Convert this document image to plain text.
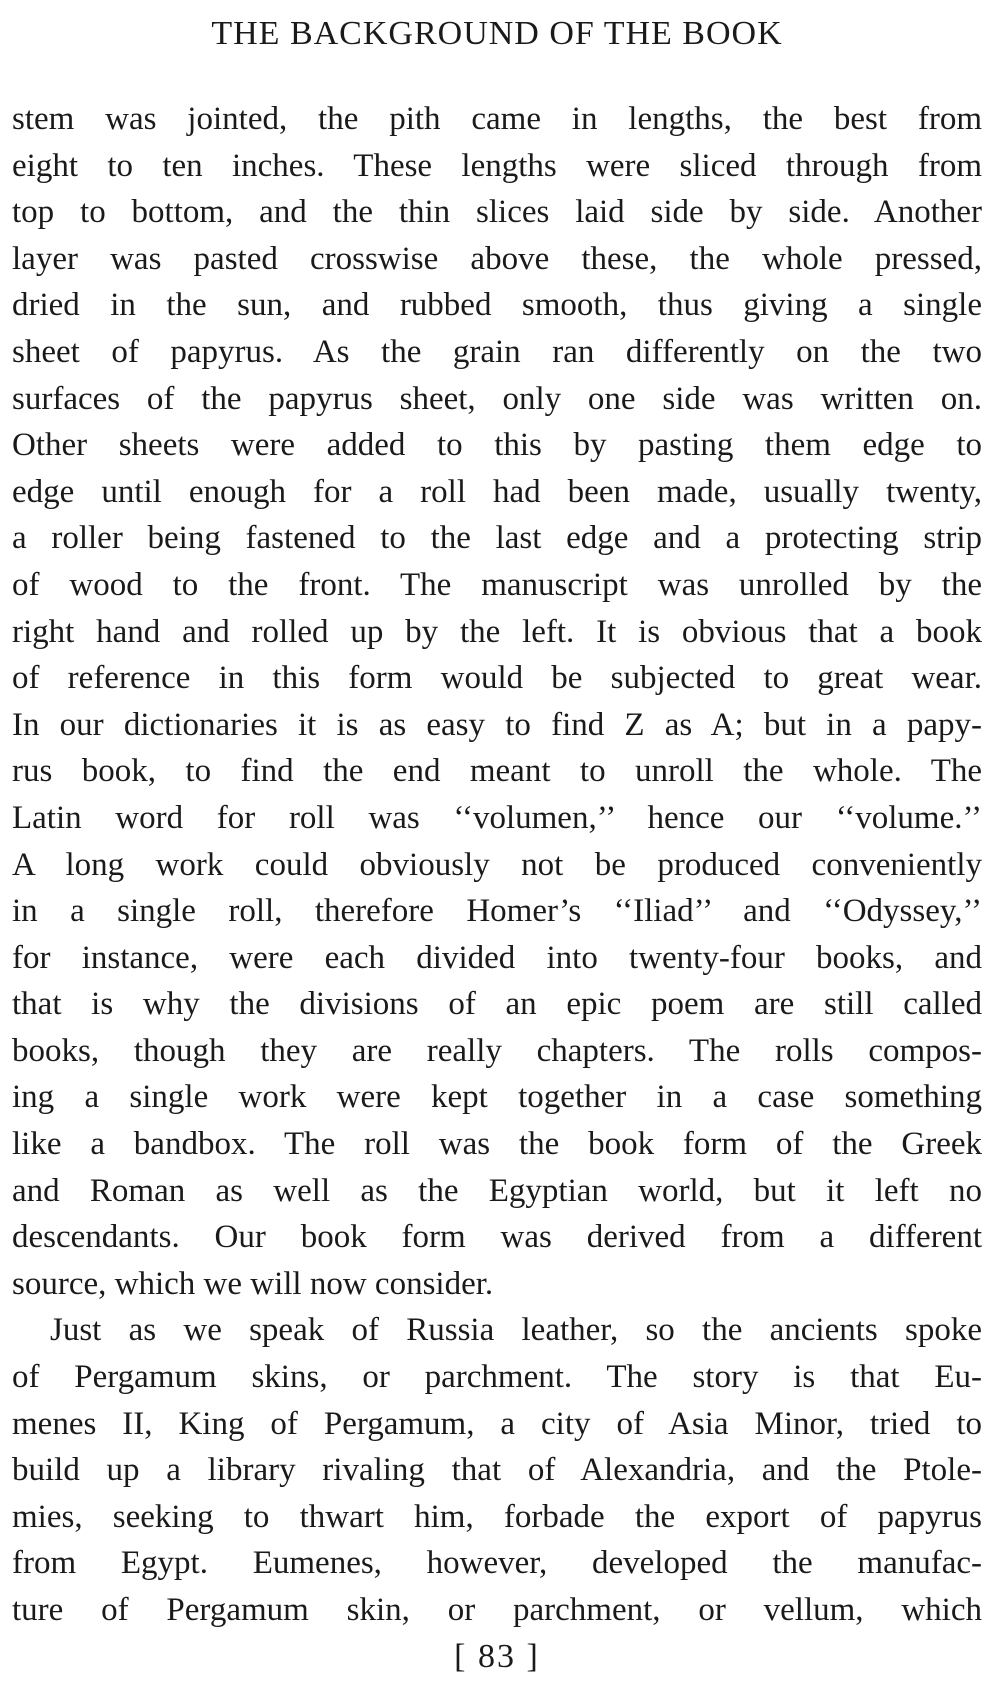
THE BACKGROUND OF THE BOOK

stem was jointed, the pith came in lengths, the best from
eight to ten inches. These lengths were sliced through from
top to bottom, and the thin slices laid side by side. Another
layer was pasted crosswise above these, the whole pressed,
dried in the sun, and rubbed smooth, thus giving a single
sheet of papyrus. As the grain ran differently on the two
surfaces of the papyrus sheet, only one side was written on.
Other sheets were added to this by pasting them edge to
edge until enough for a roll had been made, usually twenty,
a roller being fastened to the last edge and a protecting strip
of wood to the front. The manuscript was unrolled by the
right hand and rolled up by the left. It is obvious that a book
of reference in this form would be subjected to great wear.
In our dictionaries it is as easy to find Z as A; but in a papy-
rus book, to find the end meant to unroll the whole. The
Latin word for roll was ‘‘volumen,’’ hence our ‘‘volume.’’
A long work could obviously not be produced conveniently
in a single roll, therefore Homer’s ‘‘Iliad’’ and ‘‘Odyssey,’’
for instance, were each divided into twenty-four books, and
that is why the divisions of an epic poem are still called
books, though they are really chapters. The rolls compos-
ing a single work were kept together in a case something
like a bandbox. The roll was the book form of the Greek
and Roman as well as the Egyptian world, but it left no
descendants. Our book form was derived from a different
source, which we will now consider.

Just as we speak of Russia leather, so the ancients spoke
of Pergamum skins, or parchment. The story is that Eu-
menes II, King of Pergamum, a city of Asia Minor, tried to
build up a library rivaling that of Alexandria, and the Ptole-
mies, seeking to thwart him, forbade the export of papyrus
from Egypt. Eumenes, however, developed the manufac-
ture of Pergamum skin, or parchment, or vellum, which

[ 83 ]
